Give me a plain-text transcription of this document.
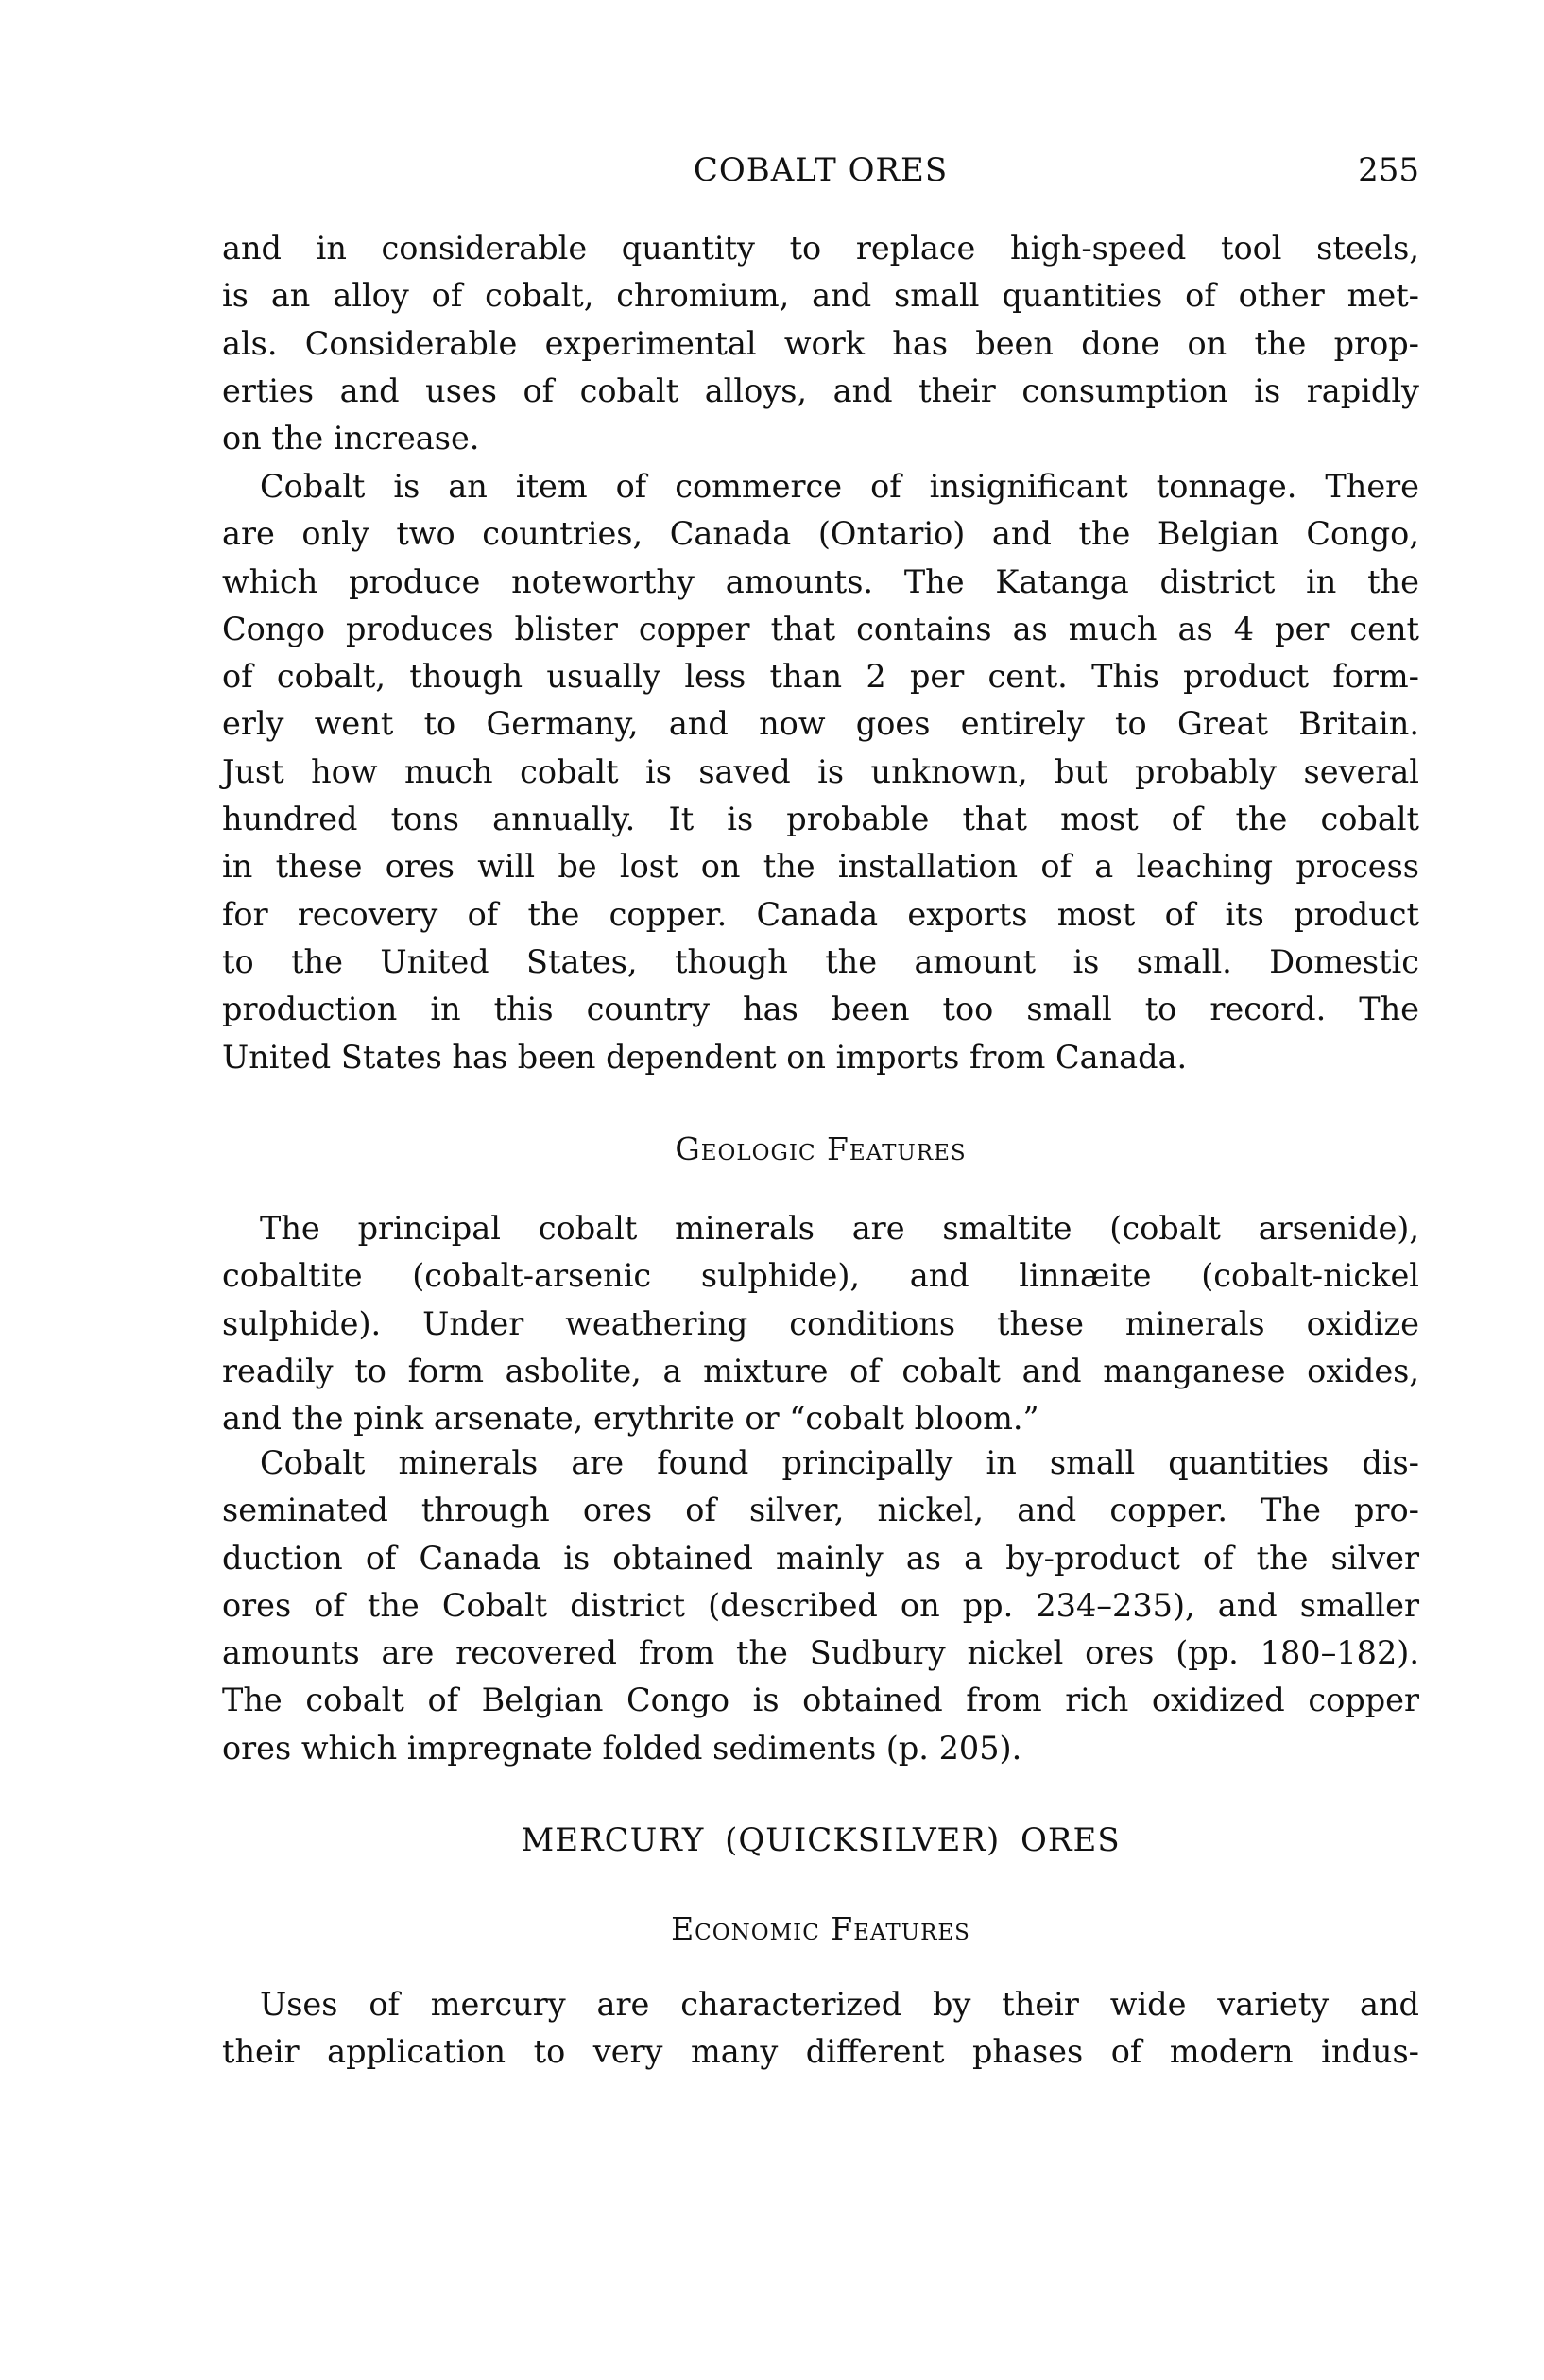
COBALT ORES	255

and in considerable quantity to replace high-speed tool steels,
is an alloy of cobalt, chromium, and small quantities of other met-
als. Considerable experimental work has been done on the prop-
erties and uses of cobalt alloys, and their consumption is rapidly
on the increase.

Cobalt is an item of commerce of insignificant tonnage. There
are only two countries, Canada (Ontario) and the Belgian Congo,
which produce noteworthy amounts. The Katanga district in the
Congo produces blister copper that contains as much as 4 per cent
of cobalt, though usually less than 2 per cent. This product form-
erly went to Germany, and now goes entirely to Great Britain.
Just how much cobalt is saved is unknown, but probably several
hundred tons annually. It is probable that most of the cobalt
in these ores will be lost on the installation of a leaching process
for recovery of the copper. Canada exports most of its product
to the United States, though the amount is small. Domestic
production in this country has been too small to record. The
United States has been dependent on imports from Canada.

Geologic Features

The principal cobalt minerals are smaltite (cobalt arsenide),
cobaltite (cobalt-arsenic sulphide), and linnæite (cobalt-nickel
sulphide). Under weathering conditions these minerals oxidize
readily to form asbolite, a mixture of cobalt and manganese oxides,
and the pink arsenate, erythrite or “cobalt bloom.”

Cobalt minerals are found principally in small quantities dis-
seminated through ores of silver, nickel, and copper. The pro-
duction of Canada is obtained mainly as a by-product of the silver
ores of the Cobalt district (described on pp. 234–235), and smaller
amounts are recovered from the Sudbury nickel ores (pp. 180–182).
The cobalt of Belgian Congo is obtained from rich oxidized copper
ores which impregnate folded sediments (p. 205).

MERCURY (QUICKSILVER) ORES
Economic Features

Uses of mercury are characterized by their wide variety and
their application to very many different phases of modern indus-
